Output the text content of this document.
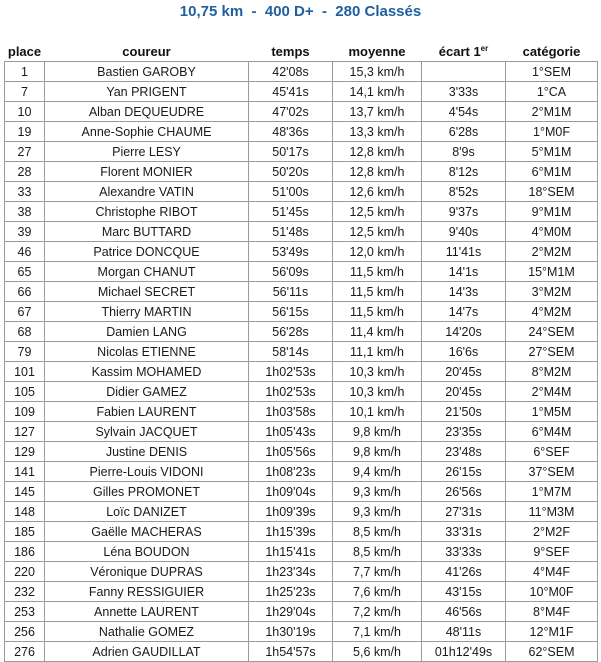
10,75 km  -  400 D+  -  280 Classés
place	coureur	temps	moyenne	écart 1er	catégorie
1	Bastien GAROBY	42'08s	15,3 km/h		1°SEM
7	Yan PRIGENT	45'41s	14,1 km/h	3'33s	1°CA
10	Alban DEQUEUDRE	47'02s	13,7 km/h	4'54s	2°M1M
19	Anne-Sophie CHAUME	48'36s	13,3 km/h	6'28s	1°M0F
27	Pierre LESY	50'17s	12,8 km/h	8'9s	5°M1M
28	Florent MONIER	50'20s	12,8 km/h	8'12s	6°M1M
33	Alexandre VATIN	51'00s	12,6 km/h	8'52s	18°SEM
38	Christophe RIBOT	51'45s	12,5 km/h	9'37s	9°M1M
39	Marc BUTTARD	51'48s	12,5 km/h	9'40s	4°M0M
46	Patrice DONCQUE	53'49s	12,0 km/h	11'41s	2°M2M
65	Morgan CHANUT	56'09s	11,5 km/h	14'1s	15°M1M
66	Michael SECRET	56'11s	11,5 km/h	14'3s	3°M2M
67	Thierry MARTIN	56'15s	11,5 km/h	14'7s	4°M2M
68	Damien LANG	56'28s	11,4 km/h	14'20s	24°SEM
79	Nicolas ETIENNE	58'14s	11,1 km/h	16'6s	27°SEM
101	Kassim MOHAMED	1h02'53s	10,3 km/h	20'45s	8°M2M
105	Didier GAMEZ	1h02'53s	10,3 km/h	20'45s	2°M4M
109	Fabien LAURENT	1h03'58s	10,1 km/h	21'50s	1°M5M
127	Sylvain JACQUET	1h05'43s	9,8 km/h	23'35s	6°M4M
129	Justine DENIS	1h05'56s	9,8 km/h	23'48s	6°SEF
141	Pierre-Louis VIDONI	1h08'23s	9,4 km/h	26'15s	37°SEM
145	Gilles PROMONET	1h09'04s	9,3 km/h	26'56s	1°M7M
148	Loïc DANIZET	1h09'39s	9,3 km/h	27'31s	11°M3M
185	Gaëlle MACHERAS	1h15'39s	8,5 km/h	33'31s	2°M2F
186	Léna BOUDON	1h15'41s	8,5 km/h	33'33s	9°SEF
220	Véronique DUPRAS	1h23'34s	7,7 km/h	41'26s	4°M4F
232	Fanny RESSIGUIER	1h25'23s	7,6 km/h	43'15s	10°M0F
253	Annette LAURENT	1h29'04s	7,2 km/h	46'56s	8°M4F
256	Nathalie GOMEZ	1h30'19s	7,1 km/h	48'11s	12°M1F
276	Adrien GAUDILLAT	1h54'57s	5,6 km/h	01h12'49s	62°SEM
